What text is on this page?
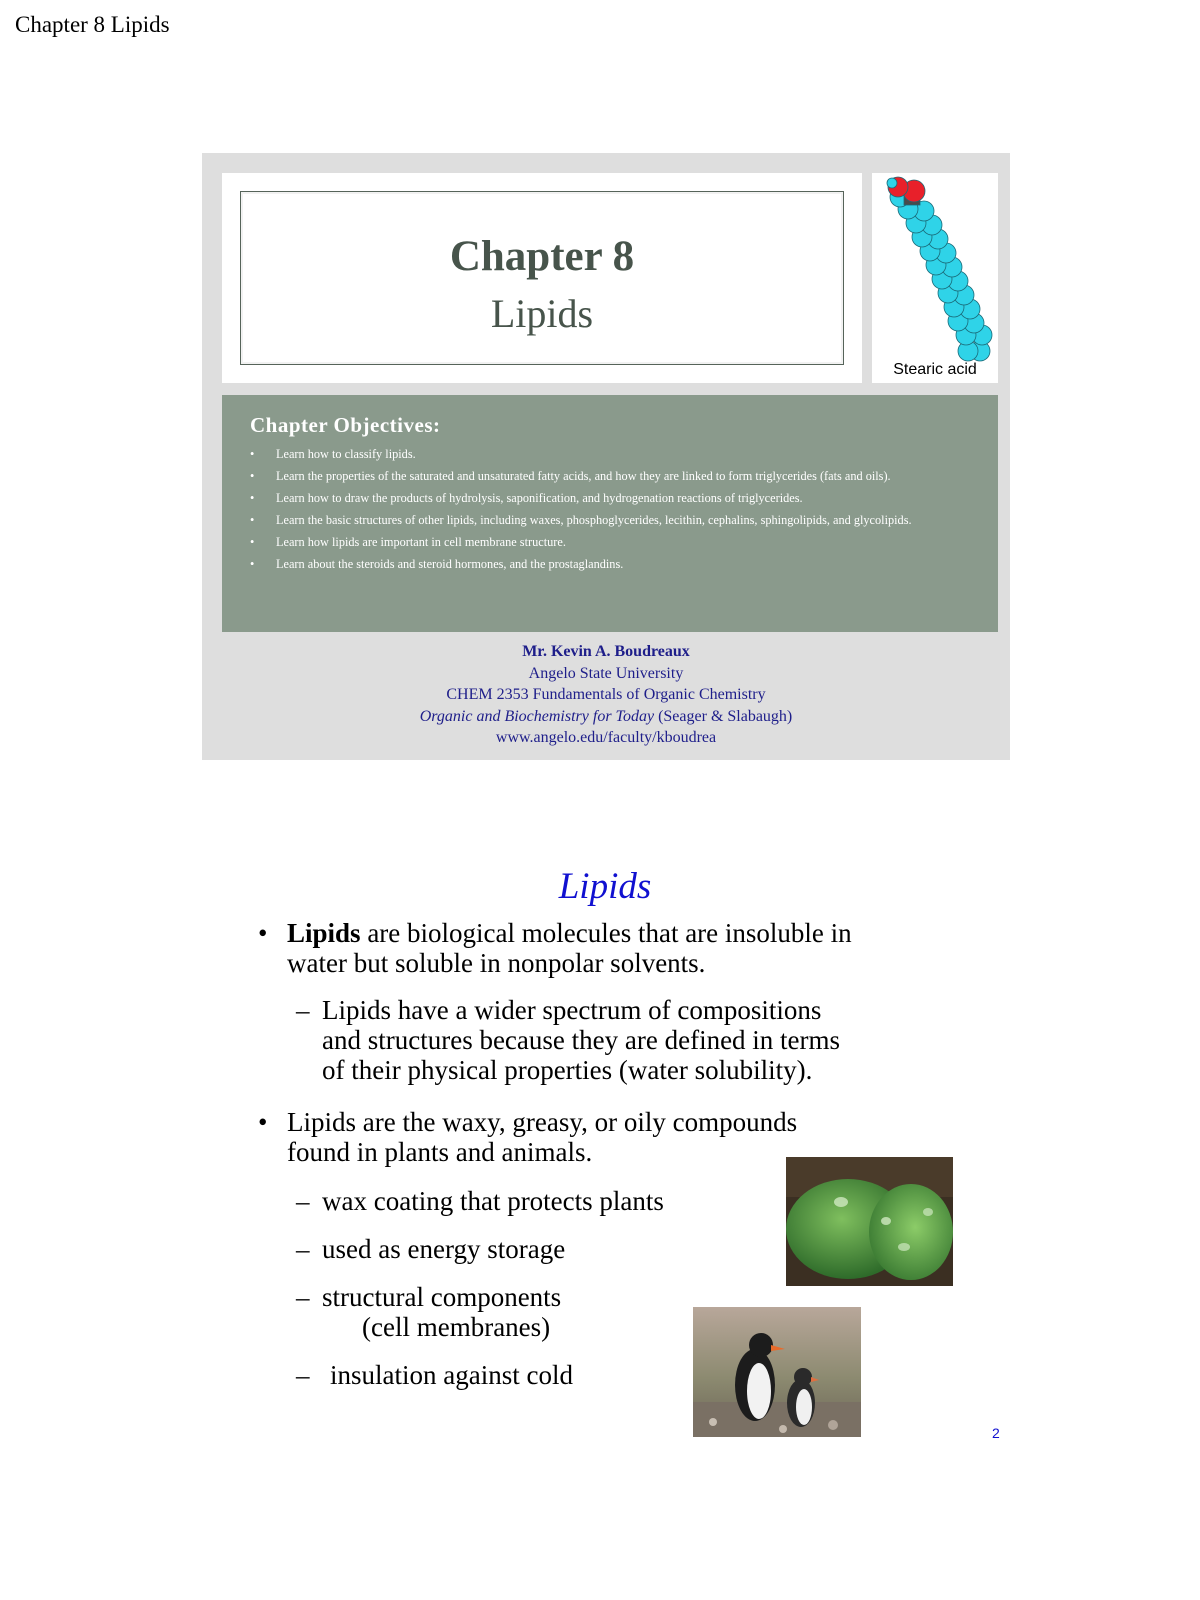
Chapter 8 Lipids
Chapter 8
Lipids
Stearic acid
Chapter Objectives:
• Learn how to classify lipids.
• Learn the properties of the saturated and unsaturated fatty acids, and how they are linked to form triglycerides (fats and oils).
• Learn how to draw the products of hydrolysis, saponification, and hydrogenation reactions of triglycerides.
• Learn the basic structures of other lipids, including waxes, phosphoglycerides, lecithin, cephalins, sphingolipids, and glycolipids.
• Learn how lipids are important in cell membrane structure.
• Learn about the steroids and steroid hormones, and the prostaglandins.
Mr. Kevin A. Boudreaux
Angelo State University
CHEM 2353 Fundamentals of Organic Chemistry
Organic and Biochemistry for Today (Seager & Slabaugh)
www.angelo.edu/faculty/kboudrea
Lipids
• Lipids are biological molecules that are insoluble in
water but soluble in nonpolar solvents.
– Lipids have a wider spectrum of compositions
and structures because they are defined in terms
of their physical properties (water solubility).
• Lipids are the waxy, greasy, or oily compounds
found in plants and animals.
– wax coating that protects plants
– used as energy storage
– structural components
(cell membranes)
– insulation against cold
2
